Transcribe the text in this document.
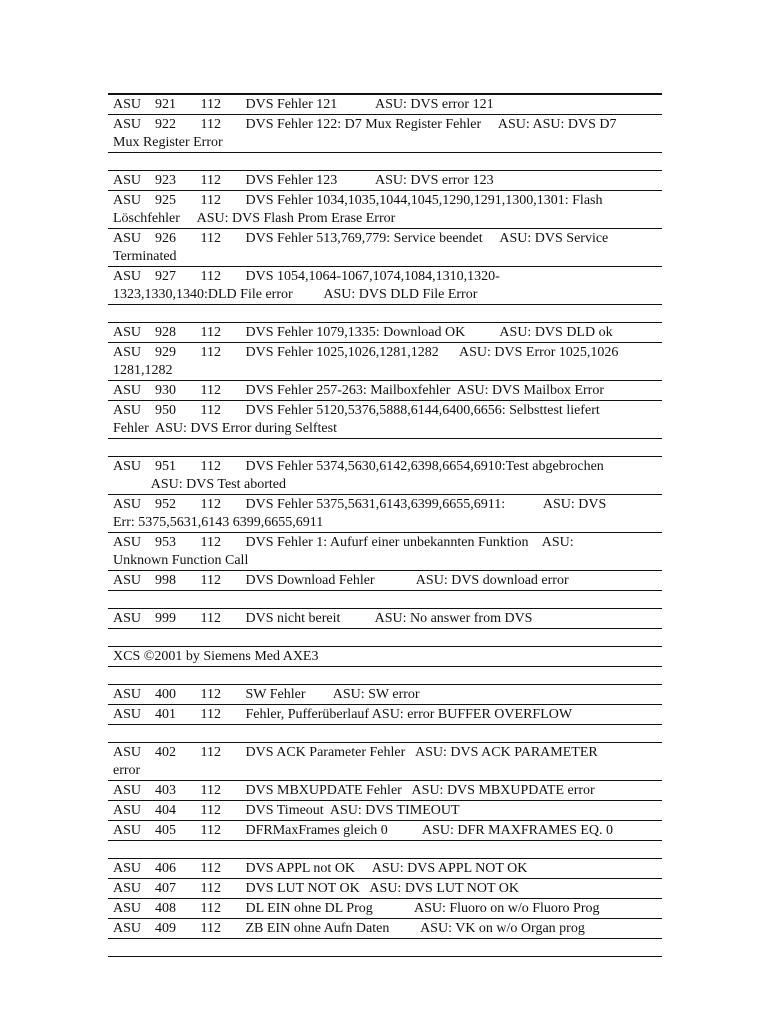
ASU    921       112       DVS Fehler 121           ASU: DVS error 121
ASU    922       112       DVS Fehler 122: D7 Mux Register Fehler     ASU: ASU: DVS D7
Mux Register Error
ASU    923       112       DVS Fehler 123           ASU: DVS error 123
ASU    925       112       DVS Fehler 1034,1035,1044,1045,1290,1291,1300,1301: Flash
Löschfehler     ASU: DVS Flash Prom Erase Error
ASU    926       112       DVS Fehler 513,769,779: Service beendet     ASU: DVS Service
Terminated
ASU    927       112       DVS 1054,1064-1067,1074,1084,1310,1320-
1323,1330,1340:DLD File error         ASU: DVS DLD File Error
ASU    928       112       DVS Fehler 1079,1335: Download OK          ASU: DVS DLD ok
ASU    929       112       DVS Fehler 1025,1026,1281,1282      ASU: DVS Error 1025,1026
1281,1282
ASU    930       112       DVS Fehler 257-263: Mailboxfehler  ASU: DVS Mailbox Error
ASU    950       112       DVS Fehler 5120,5376,5888,6144,6400,6656: Selbsttest liefert
Fehler  ASU: DVS Error during Selftest
ASU    951       112       DVS Fehler 5374,5630,6142,6398,6654,6910:Test abgebrochen
ASU: DVS Test aborted
ASU    952       112       DVS Fehler 5375,5631,6143,6399,6655,6911:           ASU: DVS
Err: 5375,5631,6143 6399,6655,6911
ASU    953       112       DVS Fehler 1: Aufurf einer unbekannten Funktion    ASU:
Unknown Function Call
ASU    998       112       DVS Download Fehler            ASU: DVS download error
ASU    999       112       DVS nicht bereit          ASU: No answer from DVS
XCS ©2001 by Siemens Med AXE3
ASU    400       112       SW Fehler        ASU: SW error
ASU    401       112       Fehler, Pufferüberlauf ASU: error BUFFER OVERFLOW
ASU    402       112       DVS ACK Parameter Fehler   ASU: DVS ACK PARAMETER
error
ASU    403       112       DVS MBXUPDATE Fehler   ASU: DVS MBXUPDATE error
ASU    404       112       DVS Timeout  ASU: DVS TIMEOUT
ASU    405       112       DFRMaxFrames gleich 0          ASU: DFR MAXFRAMES EQ. 0
ASU    406       112       DVS APPL not OK     ASU: DVS APPL NOT OK
ASU    407       112       DVS LUT NOT OK   ASU: DVS LUT NOT OK
ASU    408       112       DL EIN ohne DL Prog            ASU: Fluoro on w/o Fluoro Prog
ASU    409       112       ZB EIN ohne Aufn Daten         ASU: VK on w/o Organ prog
